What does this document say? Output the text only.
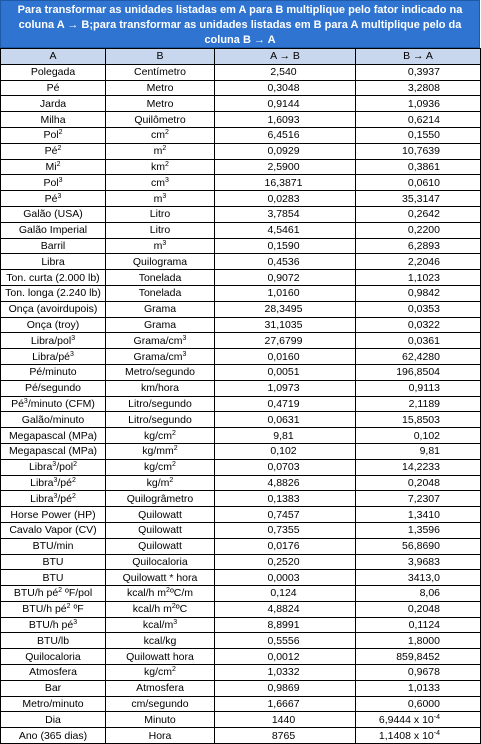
Para transformar as unidades listadas em A para B multiplique pelo fator indicado na coluna A → B;para transformar as unidades listadas em B para A multiplique pelo da coluna B → A
A	B	A → B	B → A
Polegada	Centímetro	2,540	0,3937
Pé	Metro	0,3048	3,2808
Jarda	Metro	0,9144	1,0936
Milha	Quilômetro	1,6093	0,6214
Pol$^2$	$cm^2$	6,4516	0,1550
$Pé^2$	$m^2$	0,0929	10,7639
Mi$^2$	$km^2$	2,5900	0,3861
Pol$^3$	$cm^3$	16,3871	0,0610
$Pé^3$	$m^3$	0,0283	35,3147
Galão (USA)	Litro	3,7854	0,2642
Galão Imperial	Litro	4,5461	0,2200
Barril	$m^3$	0,1590	6,2893
Libra	Quilograma	0,4536	2,2046
Ton. curta (2.000 lb)	Tonelada	0,9072	1,1023
Ton. longa (2.240 lb)	Tonelada	1,0160	0,9842
Onça (avoirdupois)	Grama	28,3495	0,0353
Onça (troy)	Grama	31,1035	0,0322
Libra/pol$^3$	Grama/$cm^3$	27,6799	0,0361
Libra/$pé^3$	Grama/$cm^3$	0,0160	62,4280
Pé/minuto	Metro/segundo	0,0051	196,8504
Pé/segundo	km/hora	1,0973	0,9113
$Pé^3$/minuto (CFM)	Litro/segundo	0,4719	2,1189
Galão/minuto	Litro/segundo	0,0631	15,8503
Megapascal (MPa)	$kg/cm^2$	9,81	0,102
Megapascal (MPa)	$kg/mm^2$	0,102	9,81
Libra$^3$/pol$^2$	$kg/cm^2$	0,0703	14,2233
$Libra^3/pé^2$	$kg/m^2$	4,8826	0,2048
$Libra^3/pé^2$	Quilogrâmetro	0,1383	7,2307
Horse Power (HP)	Quilowatt	0,7457	1,3410
Cavalo Vapor (CV)	Quilowatt	0,7355	1,3596
BTU/min	Quilowatt	0,0176	56,8690
BTU	Quilocaloria	0,2520	3,9683
BTU	Quilowatt * hora	0,0003	3413,0
BTU/h $pé^2$ ºF/pol	kcal/h $m^2ºC/m$	0,124	8,06
BTU/h $pé^2$ ºF	kcal/h $m^2ºC$	4,8824	0,2048
BTU/h $pé^3$	kcal/$m^3$	8,8991	0,1124
BTU/lb	kcal/kg	0,5556	1,8000
Quilocaloria	Quilowatt hora	0,0012	859,8452
Atmosfera	$kg/cm^2$	1,0332	0,9678
Bar	Atmosfera	0,9869	1,0133
Metro/minuto	cm/segundo	1,6667	0,6000
Dia	Minuto	1440	6,9444 x $10^{-4}$
Ano (365 dias)	Hora	8765	1,1408 x $10^{-4}$
